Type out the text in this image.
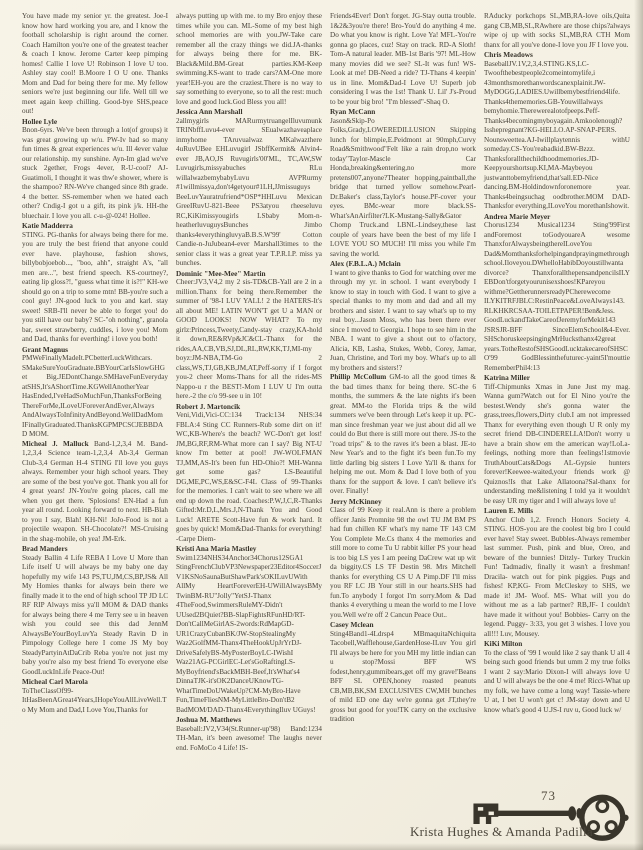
You have made my senior yr. the greatest. Joe-I know how hard working you are, and I know the football scholarship is right around the corner. Coach Hamilton you're one of the greatest teacher & coach I know. Jerome Carter keep pimping homes! Callie I love U! Robinson I love U too. Ashley stay cool! B.Moore I O U one. Thanks Mom and Dad for being there for me. My fellow seniors we're just beginning our life. Well till we meet again keep chilling. Good-bye SHS,peace out!

Hollee Lyle

Bnon-6yrs. We've been through a lot(of groups) it was great growing up w/u. PW-Iv had so many fun times & great experiences w/u. Ill 4ever value our relationship. my sunshine. Ayn-Im glad we've stuck 2gether, Frogs 4ever, R-U-cool? AJ-Guatimoli, I thought it was thw'e shower, where is the shampoo? RN-We've changed since 8th grade. 4 the better. SS-remember when we hated each other? Cndig-I got u a gift, its pink j/k. HH-the bluechair. I love you all. c-u-@-024! Hollee.

Katie Madderra

STING. PG-thanks for always being there for me. you are truly the best friend that anyone could ever have. playhouse, fashion shows, billybobjoebob..., "boo, ahh", straight A's, "all men are...", best friend speech. KS-courtney?, eating lip gloss?!, "guess what time it is?!" KH-we should go on a trip to some mtn! BB-you're such a cool guy! JN-good luck to you and karl. stay sweet! SRB-I'll never be able to forget you! do you still have our baby? SC-"oh nothing", granola bar, sweet strawberry, cuddles, i love you! Mom and Dad, thanks for everthing! i love you both!

Grant Magnus

PMWeFinallyMadeIt.PCbetterLuckWithcars. SMakeSureYouGraduate.BBYourCarIsSlowGHGet Big.JEDontChange.SMHaveFunEveryday atSHS,It'sAShortTime.KGWellAnotherYear HasEnded,I'veHadSoMuchFun,ThanksForBeing ThereForMe,ILoveUForeverAndEver,Always AndAlwaysToInfinityAndBeyond.WellDadMom IFinallyGraduated.ThanksKGPMPCSCJEBBDAD MOM.

Micheal J. Malluck Band-1,2,3,4 M. Band-1,2,3,4 Science team-1,2,3,4 Ab-3,4 German Club-3,4 German H-4 STING I'll love you guys always. Remember your high school years. They are some of the best you've got. Thank you all for 4 great years! JN-You're going places, call me when you get there. 'Splosions! EN-Had a fun year all round. Looking forward to next. HB-Blah to you I say, Blah! KH-Ni! JoJo-Food is not a projectile weapon. SH-Chocolate?! MS-Cruising in the shag-mobile, oh yea! JM-Erk.

Brad Manders

Steady Ballin 4 Life REBA I Love U More than Life itself U will always be my baby one day hopefully my wife 143 PS,TU,JM,CS,BP,JS& All My Homies thanks for always bein there we finally made it to the end of high school TP JD LC RF RIP Always miss ya'll MOM & DAD thanks for always being there 4 me Terry see u in heaven wish you could see this dad JennM AlwaysBeYourBoyLuvYa Steady Ravin D in Pimpology College here I come JS My boy SteadyPartyinAtDaCrib Reba you're not just my baby you're also my best friend To everyone else GoodLuckInLife Peace-Out!

Micheal Carl Marola

ToTheClassOf99-ItHasBeenAGreat4Years,IHopeYouAllLiveWell.To My Mom and Dad,I Love You,Thanks for

always putting up with me. to my Bro enjoy these times while you can. ML-Some of my best high school memories are with you.JW-Take care remember all the crazy things we did.JA-thanks for always being there for me. BK-Black&Mild.BM-Great parties.KM-Keep swimming.KS-want to trade cars?AM-One more year!EH-you are the craziest.There is no way to say something to everyone, so to all the rest: much love and good luck.God Bless you all!

Jessica Ann Marshall

2allmygirls MARurmytruangelIluvumunk TRINbffLuvu4-ever SEualwazhaveaplace inmyhome TAruvualwaz MKalwazthere 4uRuvUBee EHLuvugirl JSbffKermit& Alvin4-ever JB,AO,JS Ruvugirls'00'ML, TC,AW,SW Luvugirls,missyabuches RLu willalwazbemybabyLuvu AVPRurmy #1willmissya,don't4getyour#1LH,JJmissuguys BeeLuvYauratrufriend*OSP*HHLuvu Mexican GreeIRuvU-821-Beee PS3atyou rheeseluvu RC,KiKimissyougirls LSbaby Mom-n-heatherluvuguysBunches Jimbo thanks4everythingluvyaB.B.S.W'99' Cotton Candie-n-JuJubean4-ever Marshall3times to the senior class it was a great year T.P.R.I.P. miss ya bunches.

Dominic "Mee-Mee" Martin

Cheer:JV3,V4,2 my 2 sis-TD&CB-Yall are 2 in a million.Thanx for being there.Remember the summer of '98-I LUV YALL! 2 the HATERS-It's all about ME! LATIN WON'T get U a MAN or GOOD LOOKS! NOW WHAT? To my girlz:Princess,Tweety,Candy-stay crazy,KA-hold it down,RE&RVp&JC&CL-Thanx for the rides,AA,CB,VB,SJ,DL,RL,RW,KK,TJ,MI-my boyz:JM-NBA,TM-Go 2 class,WS,TJ,GB,KB,JM,AT,Peff-sorry if I forgot you-2 cheer Moms-Thans for all the rides-MS Nappo-u r the BEST!-Mom I LUV U I'm outta here.-2 the c/o 99-see u in 10!

Robert J. Martoncik

Veni,Vidi,Vici-CC:134 Track:134 NHS:34 FBLA:4 Sting CC Runners-Rub some dirt on it! WC,KB-Where's the beach? WC-Don't get lost! JM,BG,RF,RM-What more can I say? Big NT-U know I'm better at pool! JW-WOLFMAN TJ,MM,AS-It's been fun HD-Ohio?! MH-Wanna get some gas? LS-Beautiful DG,ME,PC,WS,E&SC-F4L Class of 99-Thanks for the memories. I can't wait to see where we all end up down the road. Coaches:P.W,J,C,R-Thanks Gifted:Mr.D,L,Mrs.J,N-Thank You and Good Luck! ARETE Scott-Have fun & work hard. It goes by quick! Mom&Dad-Thanks for everything! -Carpe Diem-

Kristi Ana Maria Mastley

Swim1234NHS34Anchor34Chorus12SGA1 StingFrenchClubVP3Newspaper23Editor4SoccerJ V1KSNoSaunaButShawPark'sOKILuvUWith AllMy HeartForeverEH-UWillAlwaysBMy TwinBM-RU"Jolly"YetSJ-Thanx 4TheFood,SwimmersRuleMY-Didn't UUsed2BQuiet?BB-SlapFightsRFunHD/RT-Don'tCallMeGirlAS-2words:RdMapGD-UR1CrazyCubanBK/JW-StopStealingMy Waz2GolfMM-Thanx4TheHookUpJrYrDJ-DriveSafelyBS-MyPosterBoyLC-IWishI Waz21AG-PCGirlEC-Let'sGoRaftingLS-MyBoyfriend'sBackMBH-Beef,It'sWhat's4 DinnaTJK-it'sOK2DanceUKnowTG-WhatTimeDoUWakeUp?CM-MyBro-Have Fun,TimeFliesNM-MyLittleBro-Don'tB2 BadMOM/DAD-Thanx4EverythingIluv UGuys!

Joshua M. Matthews

Baseball:JV2,V34(St.Runner-up'98) Band:1234 TH-Man, it's been awesome! The laughs never end. FoMoCo 4 Life! IS-

Friends4Ever! Don't forget. JG-Stay outta trouble. 1&2&3you're there! Bro-You'd do anything 4 me. Do what you know is right. Love Ya! MFL-You're gonna go places, cuz! Stay on track. RD-A Sloth! Tom-A natural leader. MB-1st Baris '97! ML-How many movies did we see? SL-It was fun! WS-Look at me! DB-Need a ride? TJ-Thans 4 keepin' us in line. Mom&Dad-I Love U! Superb job considering I was the 1st! Thank U. Lil' J's-Proud to be your big bro! "I'm blessed"-Shaq O.

Ryan McCann

Jason&Skip-Po Folks,Grady,LOWEREDILLUSION Skipping lunch for blimpie,E.Peidmont at 90mph,Curvy Road&Smithwood"Felt like a rain drop,no work today"Taylor-Mascle Car Honda,breaking&entering,no more pretens007,anyone?Theater hopping,paintball,the bridge that turned yellow somehow.Pearl-Dr.Baker's class,Taylor's house.PF-cover your eyes. BMc-wear more black.SS-What'sAnAirfilter?LK-Mustang-Sally&Gator Chomp Truck.and LBNL-Lindsey,these last couple of years have been the best of my life I LOVE YOU SO MUCH! I'll miss you while I'm saving the world.

Alex (F.B.L.A.) Mclain

I want to give thanks to God for watching over me through my yr. in school. I want everybody I know to stay in touch with God. I want to give a special thanks to my mom and dad and all my brothers and sister. I want to say what's up to my real boy...Jason Moss, who has been there ever since I moved to Georgia. I hope to see him in the NBA. I want to give a shout out to o'factory, Alicia, KB, Lasha, Stukes, Webb, Corey, Jamar, Juan, Christine, and Tori my boy. What's up to all my brothers and sisters!?

Phillip McCollum GM-to all the good times & the bad times thanx for being there. SC-the 6 months, the summers & the late nights it's been great. MM-to the Florida trips & the wild summers we've been through Let's keep it up. PC-man since freshman year we just about did all we could do But there is still more out there. JS-to the "road trips" & to the raves it's been a blast. JE-to New Year's and to the fight it's been fun.To my little darling big sisters I Love Ya'll & thanx for helping me out. Mom & Dad I love both of you thanx for the support & love. I can't believe it's over. Finally!

Jerry McKinney

Class of 99 Keep it real.Ann is there a problem officer Janis Promnite 98 the owl TU JM BM PS had fun chillen KF what's my name TF 143 CM You Complete Me.Cs thanx 4 the memories and still more to come Tu U rabbit killer PS your head is too big LS yes I am peeing DaCrew wat up wit da biggity.CS LS TF Destin 98. Mrs Mitchell thanks for everything CS U A Pimp.DF I'll miss you RF LC JB Your still in our hearts.SHS had fun.To anybody I forgot I'm sorry.Mom & Dad thanks 4 everything u mean the world to me I love you.Well we're off 2 Cancun Peace Out..

Casey Mclean

Sting4Band1-4Ldrsp4 MBmaquitaNchiquita Tacobell,Wafflehouse,GardenHose-ILuv You girl I'll always be here for you MH my little indian can u stop?Mossi BFF WS fodest,henry,gummibears,get off my grave!'Beans BFF SL OPEN,honey roasted peanuts CB,MB,BK,SM EXCLUSIVES CW,MH bunches of mild ED one day we're gonna get JT,they're gross but good for you!TK carry on the exclusive tradition

RAducky porkchops SL,MB,RA-love oils,Quita gang CB,MB,SL,RAwhere are those chips?always wipe oj up with socks SL,MB,RA CTH Mom thanx for all you've done-I love you JF I love you.

Chris Meadows

BaseballJV.1V,2,3,4.STING.KS,LC-Twoofthebestpeople2comeintomylife,i 43monthsmorethanwordscanexplainit.JW-MyDOGG,LADIES.Uwillbemybestfriend4life. Thanks4thememories.GB-Youwillalways bemyhomie.Therewerealotofpeeps.Peff-Thanks4becomingmyboyagain.Amkoolenough? Isshepregnant?KG-HELLO.AP-SNAP-PERS. Nounsweettea.AJ-Iwillplaytennis withU someday.CS-You'reabadkid.BW-Bzzz. Thanksforallthechildhoodmemories.JD-Keepyourshortsup.KI,MA-Maybeyou justwanttobemyfriend,that'sall.ED-Nice dancing.BM-Holdindownforonemore year. Thanks4beingsuchag oodbrother.MOM DAD-Thanksfor everything,ILoveYou morethanIshowit.

Andrea Marie Meyer

Chorus1234 Musical1234 Sting'99First andForemost toGodyouareA wesome ThanxforAlwaysbeingthereILoveYou Dad&Momthanksforhelpingandprayingmethrough school.Iloveyou.DWhelloHabibDoyoustillwanta divorce? ThanxforallthepensandpencilsILY EBDon'tforgetyourunisexshoes!KPareyou withme?GettherunnersreadyPCherewecome ILYKITRFJBLC:RestinPeace&LoveAlways143. RLKHKRCSAA-TOILETPAPER!Ben&Jess. GoodLuckandTakeCareofJeremyforMekit143 JSRSJR-BFF SinceElemSchool&4-Ever. SHSchoruskeepsingingMrHucksthanx42great years.TotheRestofSHSGoodLucktakecareofSHSCO'99 GodBlessinthefuturec-yaint5I'mouttie RememberPhil4:13

Katrina Miller

Tiff-Chipmunks Xmas in June Just my mag. Wanna gum?Watch out for El Nino you're the bestest.Wendy she's gonna water the grass,trees,flowers,Dirty club.I am not impressed Thanx for everything even though U R only my secret friend DB-CINDERELLA!Don't worry u have a brain show em the american way!LoLa-feelings, nothing more than feelings!1stmovie TruthAboutCats&Dogs AL-Gypsie hunters forever!Keewee-waited,your friends work @ Quiznos!Is that Lake Allatoona?Sal-thanx for understanding me&listening I told ya it wouldn't be easy UR my tiger and I will always love u!

Lauren E. Mills

Anchor Club 1,2. French Honors Society 4. STING. HOS-you are the coolest big bro I could ever have! Stay sweet. Bubbles-Always remember last summer. Push, pink and blue, Oreo, and beware of the bunnies! Ditzly- Turkey Truckin Fun! Tadmadiv, finally it wasn't a freshman! Dracila- watch out for pink piggies. Pugs and fishes! KP,KG- From McCleskey to SHS, we made it! JM- Woof. MS- What will you do without me as a lab partner? RB,JF- I couldn't have made it without you! Bobbies- Carry on the legend. Puggy- 3:33, you get 3 wishes. I love you all!!! Luv, Mousey.

KiKi Milton

To the class of '99 I would like 2 say thank U all 4 being such good friends but umm 2 my true folks I want 2 say:Mario Dixon-I will always love U and U will always be the one 4 me! Ricci-What up my folk, we have come a long way! Tassie-where U at, I bet U won't get c! JM-stay down and U know what's good 4 U.JS-I ruv u, Good luck w/

73
Krista Hughes & Amanda Padilla
